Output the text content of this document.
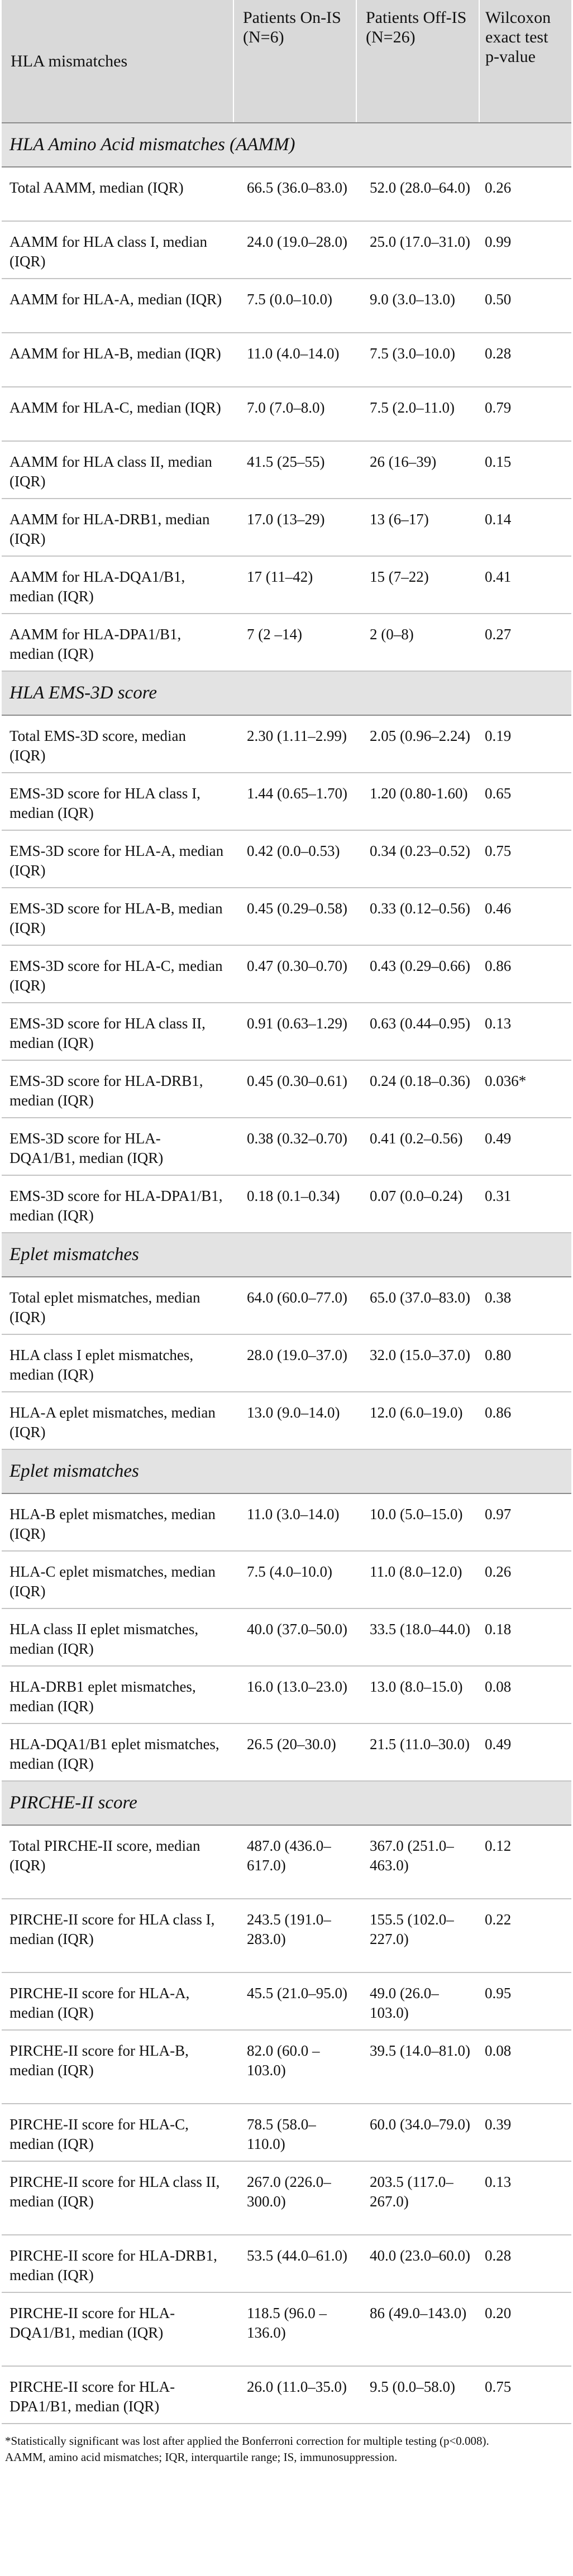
HLA mismatches	Patients On-IS (N=6)	Patients Off-IS (N=26)	Wilcoxon exact test p-value
HLA Amino Acid mismatches (AAMM)			
Total AAMM, median (IQR)	66.5 (36.0–83.0)	52.0 (28.0–64.0)	0.26
AAMM for HLA class I, median (IQR)	24.0 (19.0–28.0)	25.0 (17.0–31.0)	0.99
AAMM for HLA-A, median (IQR)	7.5 (0.0–10.0)	9.0 (3.0–13.0)	0.50
AAMM for HLA-B, median (IQR)	11.0 (4.0–14.0)	7.5 (3.0–10.0)	0.28
AAMM for HLA-C, median (IQR)	7.0 (7.0–8.0)	7.5 (2.0–11.0)	0.79
AAMM for HLA class II, median (IQR)	41.5 (25–55)	26 (16–39)	0.15
AAMM for HLA-DRB1, median (IQR)	17.0 (13–29)	13 (6–17)	0.14
AAMM for HLA-DQA1/B1, median (IQR)	17 (11–42)	15 (7–22)	0.41
AAMM for HLA-DPA1/B1, median (IQR)	7 (2 –14)	2 (0–8)	0.27
HLA EMS-3D score			
Total EMS-3D score, median (IQR)	2.30 (1.11–2.99)	2.05 (0.96–2.24)	0.19
EMS-3D score for HLA class I, median (IQR)	1.44 (0.65–1.70)	1.20 (0.80-1.60)	0.65
EMS-3D score for HLA-A, median (IQR)	0.42 (0.0–0.53)	0.34 (0.23–0.52)	0.75
EMS-3D score for HLA-B, median (IQR)	0.45 (0.29–0.58)	0.33 (0.12–0.56)	0.46
EMS-3D score for HLA-C, median (IQR)	0.47 (0.30–0.70)	0.43 (0.29–0.66)	0.86
EMS-3D score for HLA class II, median (IQR)	0.91 (0.63–1.29)	0.63 (0.44–0.95)	0.13
EMS-3D score for HLA-DRB1, median (IQR)	0.45 (0.30–0.61)	0.24 (0.18–0.36)	0.036*
EMS-3D score for HLA-DQA1/B1, median (IQR)	0.38 (0.32–0.70)	0.41 (0.2–0.56)	0.49
EMS-3D score for HLA-DPA1/B1, median (IQR)	0.18 (0.1–0.34)	0.07 (0.0–0.24)	0.31
Eplet mismatches			
Total eplet mismatches, median (IQR)	64.0 (60.0–77.0)	65.0 (37.0–83.0)	0.38
HLA class I eplet mismatches, median (IQR)	28.0 (19.0–37.0)	32.0 (15.0–37.0)	0.80
HLA-A eplet mismatches, median (IQR)	13.0 (9.0–14.0)	12.0 (6.0–19.0)	0.86
Eplet mismatches			
HLA-B eplet mismatches, median (IQR)	11.0 (3.0–14.0)	10.0 (5.0–15.0)	0.97
HLA-C eplet mismatches, median (IQR)	7.5 (4.0–10.0)	11.0 (8.0–12.0)	0.26
HLA class II eplet mismatches, median (IQR)	40.0 (37.0–50.0)	33.5 (18.0–44.0)	0.18
HLA-DRB1 eplet mismatches, median (IQR)	16.0 (13.0–23.0)	13.0 (8.0–15.0)	0.08
HLA-DQA1/B1 eplet mismatches, median (IQR)	26.5 (20–30.0)	21.5 (11.0–30.0)	0.49
PIRCHE-II score			
Total PIRCHE-II score, median (IQR)	487.0 (436.0–617.0)	367.0 (251.0–463.0)	0.12
PIRCHE-II score for HLA class I, median (IQR)	243.5 (191.0–283.0)	155.5 (102.0–227.0)	0.22
PIRCHE-II score for HLA-A, median (IQR)	45.5 (21.0–95.0)	49.0 (26.0–103.0)	0.95
PIRCHE-II score for HLA-B, median (IQR)	82.0 (60.0 – 103.0)	39.5 (14.0–81.0)	0.08
PIRCHE-II score for HLA-C, median (IQR)	78.5 (58.0–110.0)	60.0 (34.0–79.0)	0.39
PIRCHE-II score for HLA class II, median (IQR)	267.0 (226.0–300.0)	203.5 (117.0–267.0)	0.13
PIRCHE-II score for HLA-DRB1, median (IQR)	53.5 (44.0–61.0)	40.0 (23.0–60.0)	0.28
PIRCHE-II score for HLA-DQA1/B1, median (IQR)	118.5 (96.0 – 136.0)	86 (49.0–143.0)	0.20
PIRCHE-II score for HLA-DPA1/B1, median (IQR)	26.0 (11.0–35.0)	9.5 (0.0–58.0)	0.75

*Statistically significant was lost after applied the Bonferroni correction for multiple testing (p<0.008).

AAMM, amino acid mismatches; IQR, interquartile range; IS, immunosuppression.
